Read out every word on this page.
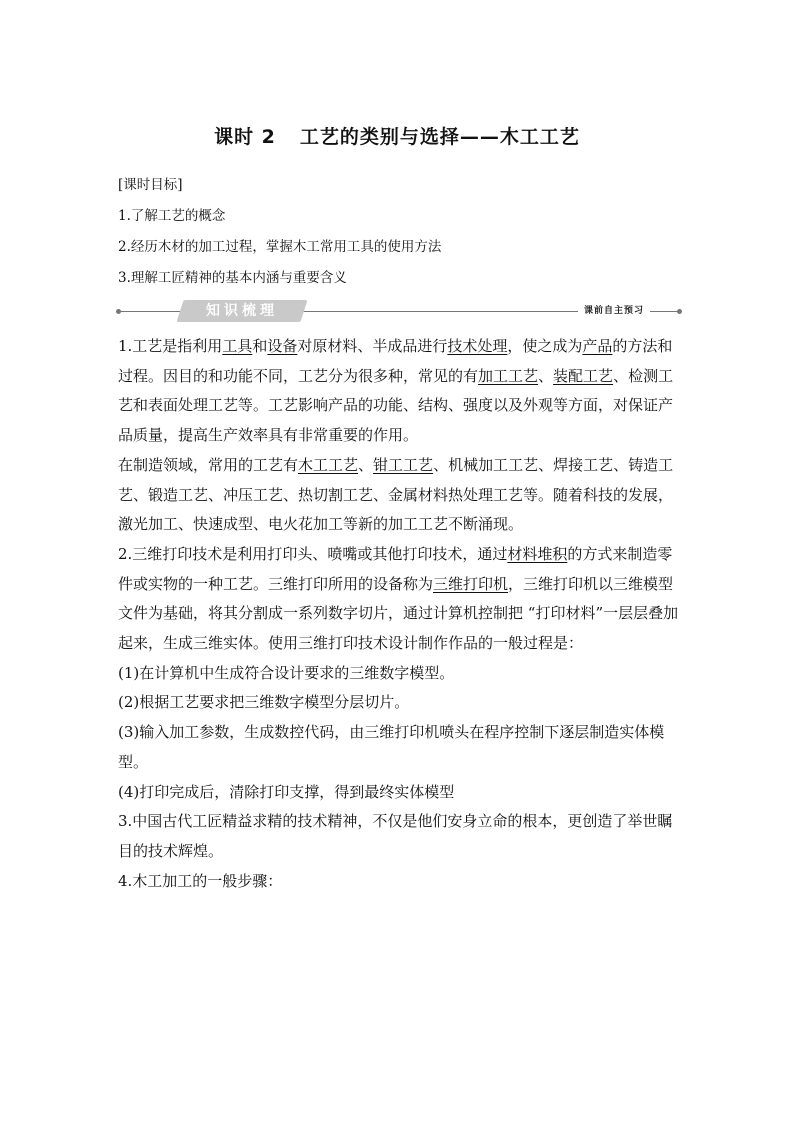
课时 2 工艺的类别与选择——木工工艺
[课时目标]
1.了解工艺的概念
2.经历木材的加工过程，掌握木工常用工具的使用方法
3.理解工匠精神的基本内涵与重要含义
知识梳理	课前自主预习

1.工艺是指利用工具和设备对原材料、半成品进行技术处理，使之成为产品的方法和过程。因目的和功能不同，工艺分为很多种，常见的有加工工艺、装配工艺、检测工艺和表面处理工艺等。工艺影响产品的功能、结构、强度以及外观等方面，对保证产品质量，提高生产效率具有非常重要的作用。

在制造领域，常用的工艺有木工工艺、钳工工艺、机械加工工艺、焊接工艺、铸造工艺、锻造工艺、冲压工艺、热切割工艺、金属材料热处理工艺等。随着科技的发展，激光加工、快速成型、电火花加工等新的加工工艺不断涌现。

2.三维打印技术是利用打印头、喷嘴或其他打印技术，通过材料堆积的方式来制造零件或实物的一种工艺。三维打印所用的设备称为三维打印机，三维打印机以三维模型文件为基础，将其分割成一系列数字切片，通过计算机控制把 “打印材料”一层层叠加起来，生成三维实体。使用三维打印技术设计制作作品的一般过程是：

(1)在计算机中生成符合设计要求的三维数字模型。

(2)根据工艺要求把三维数字模型分层切片。

(3)输入加工参数，生成数控代码，由三维打印机喷头在程序控制下逐层制造实体模型。

(4)打印完成后，清除打印支撑，得到最终实体模型

3.中国古代工匠精益求精的技术精神，不仅是他们安身立命的根本，更创造了举世瞩目的技术辉煌。

4.木工加工的一般步骤：
